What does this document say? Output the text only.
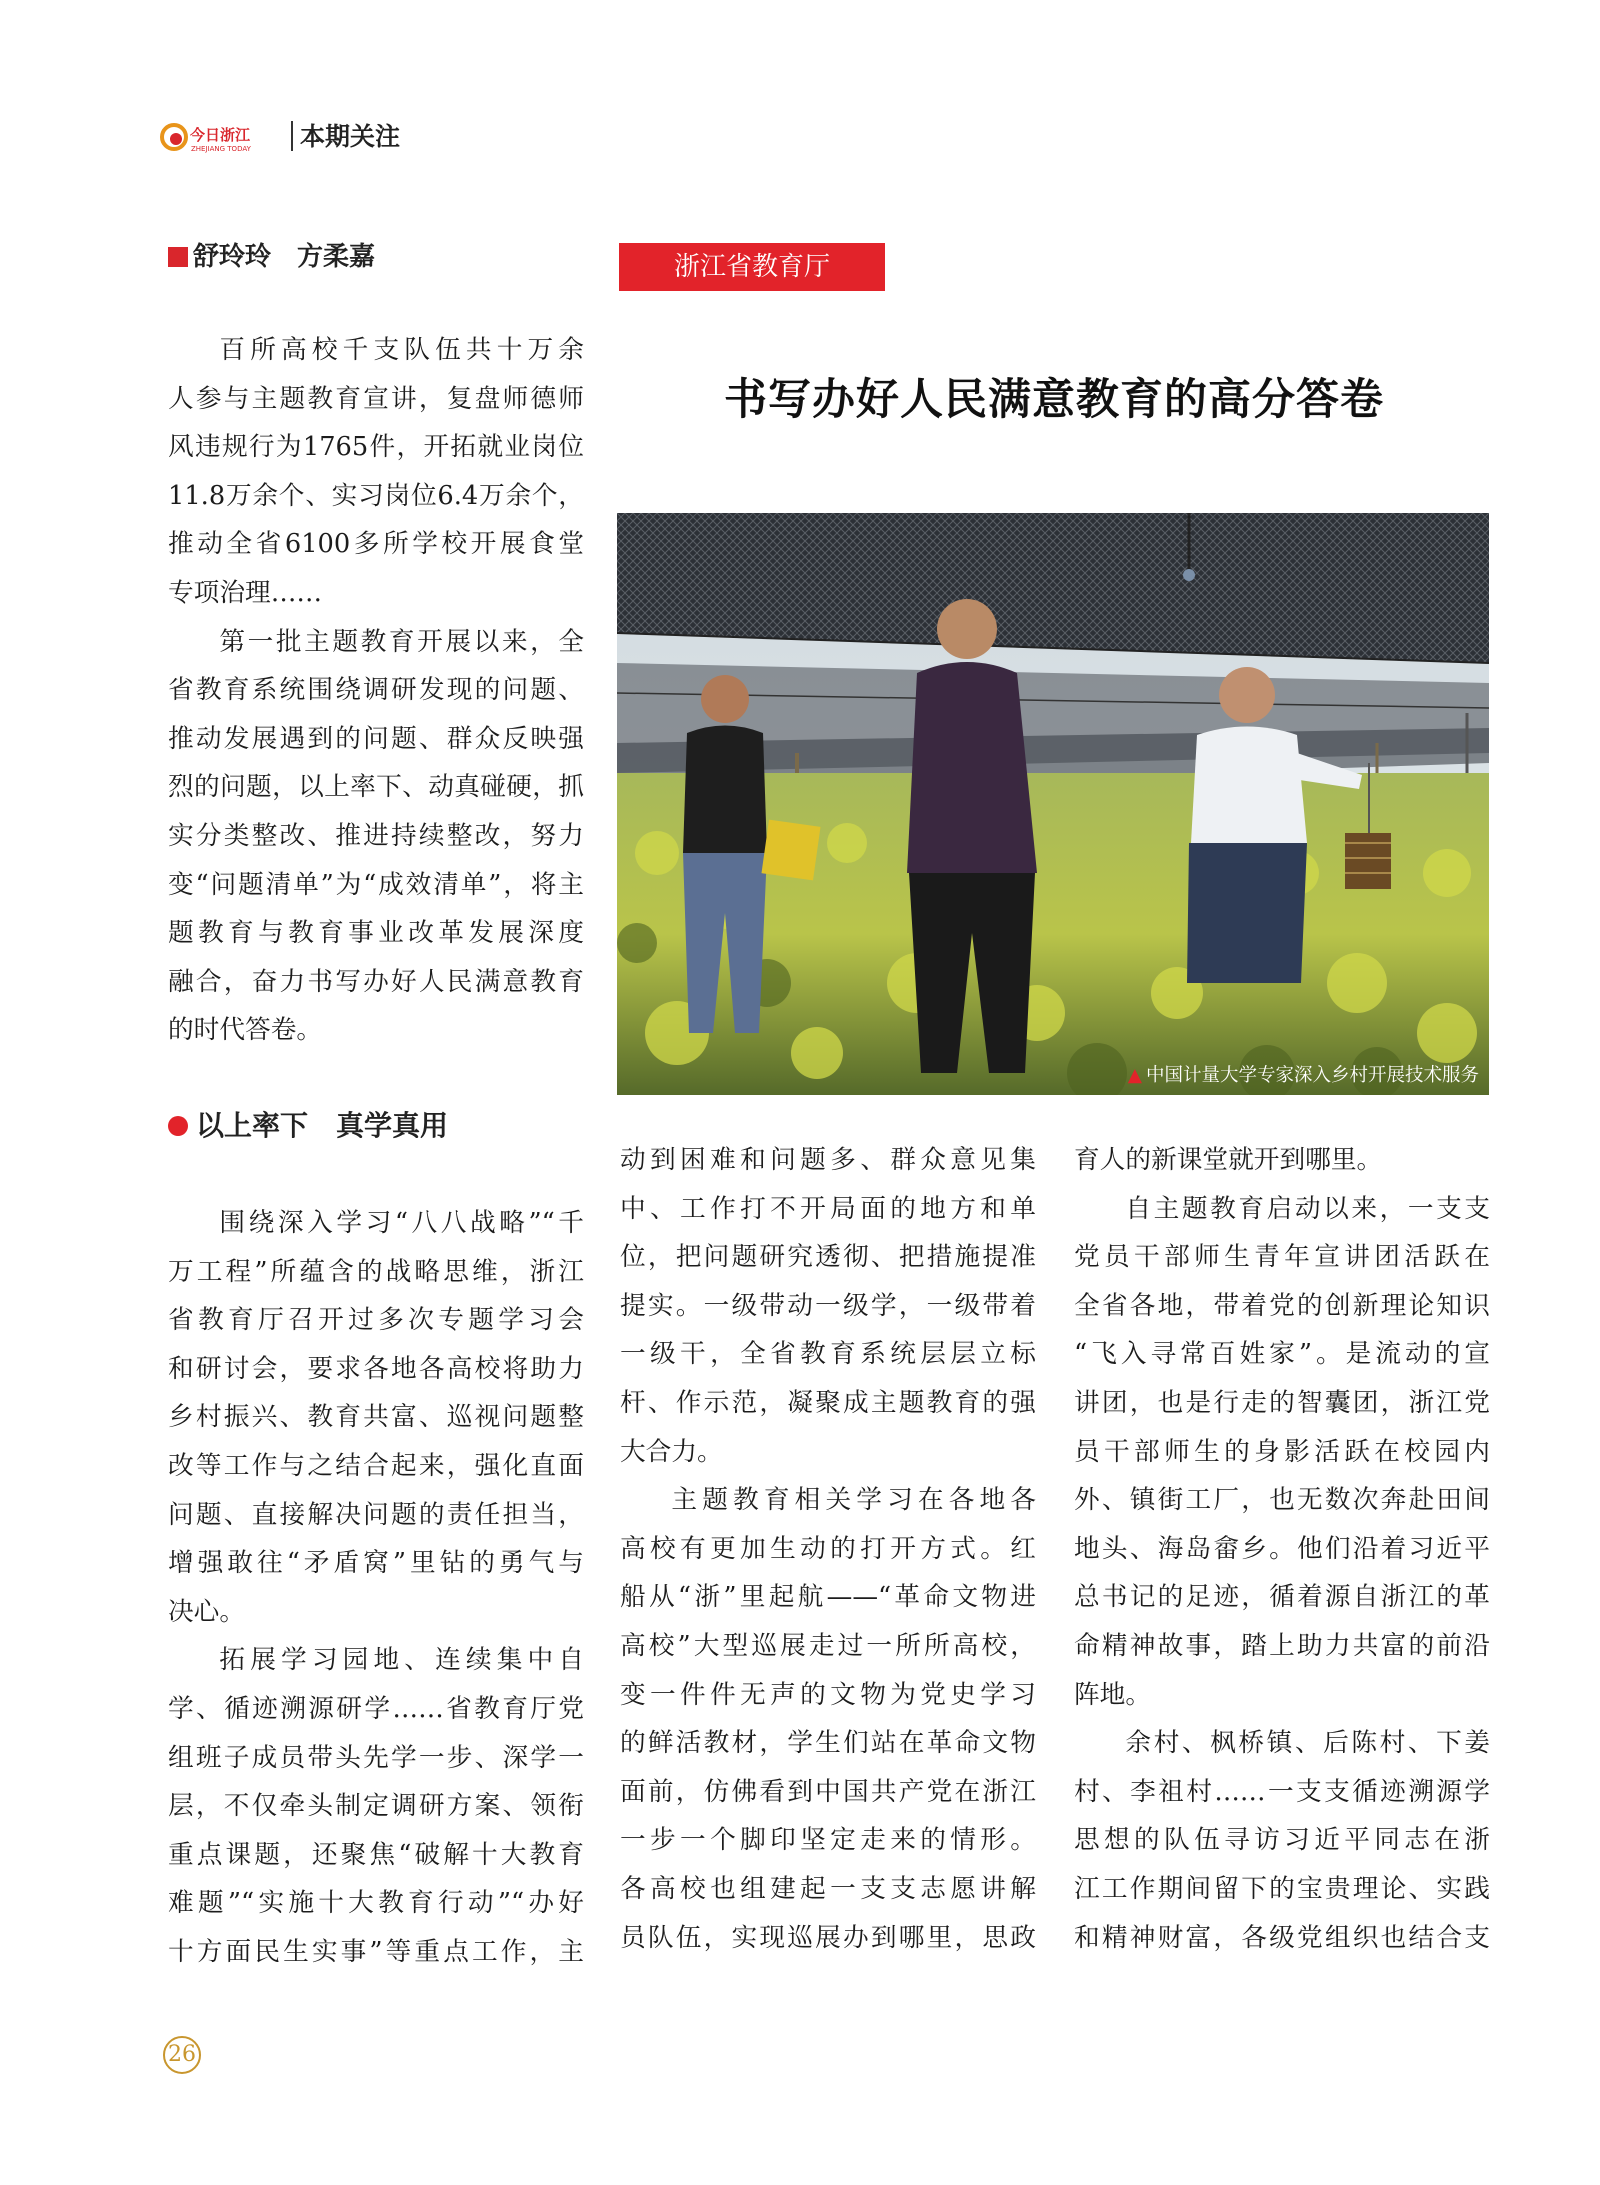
今日浙江
ZHEJIANG TODAY 本期关注
舒玲玲　方柔嘉	浙江省教育厅
书写办好人民满意教育的高分答卷
▲ 中国计量大学专家深入乡村开展技术服务

百所高校千支队伍共十万余

人参与主题教育宣讲，复盘师德师

风违规行为1765件，开拓就业岗位

11.8万余个、实习岗位6.4万余个，

推动全省6100多所学校开展食堂

专项治理……

第一批主题教育开展以来，全

省教育系统围绕调研发现的问题、

推动发展遇到的问题、群众反映强

烈的问题，以上率下、动真碰硬，抓

实分类整改、推进持续整改，努力

变“问题清单”为“成效清单”，将主

题教育与教育事业改革发展深度

融合，奋力书写办好人民满意教育

的时代答卷。

以上率下　真学真用

围绕深入学习“八八战略”“千

万工程”所蕴含的战略思维，浙江

省教育厅召开过多次专题学习会

和研讨会，要求各地各高校将助力

乡村振兴、教育共富、巡视问题整

改等工作与之结合起来，强化直面

问题、直接解决问题的责任担当，

增强敢往“矛盾窝”里钻的勇气与

决心。

拓展学习园地、连续集中自

学、循迹溯源研学……省教育厅党

组班子成员带头先学一步、深学一

层，不仅牵头制定调研方案、领衔

重点课题，还聚焦“破解十大教育

难题”“实施十大教育行动”“办好

十方面民生实事”等重点工作，主

动到困难和问题多、群众意见集

中、工作打不开局面的地方和单

位，把问题研究透彻、把措施提准

提实。一级带动一级学，一级带着

一级干，全省教育系统层层立标

杆、作示范，凝聚成主题教育的强

大合力。

主题教育相关学习在各地各

高校有更加生动的打开方式。红

船从“浙”里起航——“革命文物进

高校”大型巡展走过一所所高校，

变一件件无声的文物为党史学习

的鲜活教材，学生们站在革命文物

面前，仿佛看到中国共产党在浙江

一步一个脚印坚定走来的情形。

各高校也组建起一支支志愿讲解

员队伍，实现巡展办到哪里，思政

育人的新课堂就开到哪里。

自主题教育启动以来，一支支

党员干部师生青年宣讲团活跃在

全省各地，带着党的创新理论知识

“飞入寻常百姓家”。是流动的宣

讲团，也是行走的智囊团，浙江党

员干部师生的身影活跃在校园内

外、镇街工厂，也无数次奔赴田间

地头、海岛畲乡。他们沿着习近平

总书记的足迹，循着源自浙江的革

命精神故事，踏上助力共富的前沿

阵地。

余村、枫桥镇、后陈村、下姜

村、李祖村……一支支循迹溯源学

思想的队伍寻访习近平同志在浙

江工作期间留下的宝贵理论、实践

和精神财富，各级党组织也结合支

26
